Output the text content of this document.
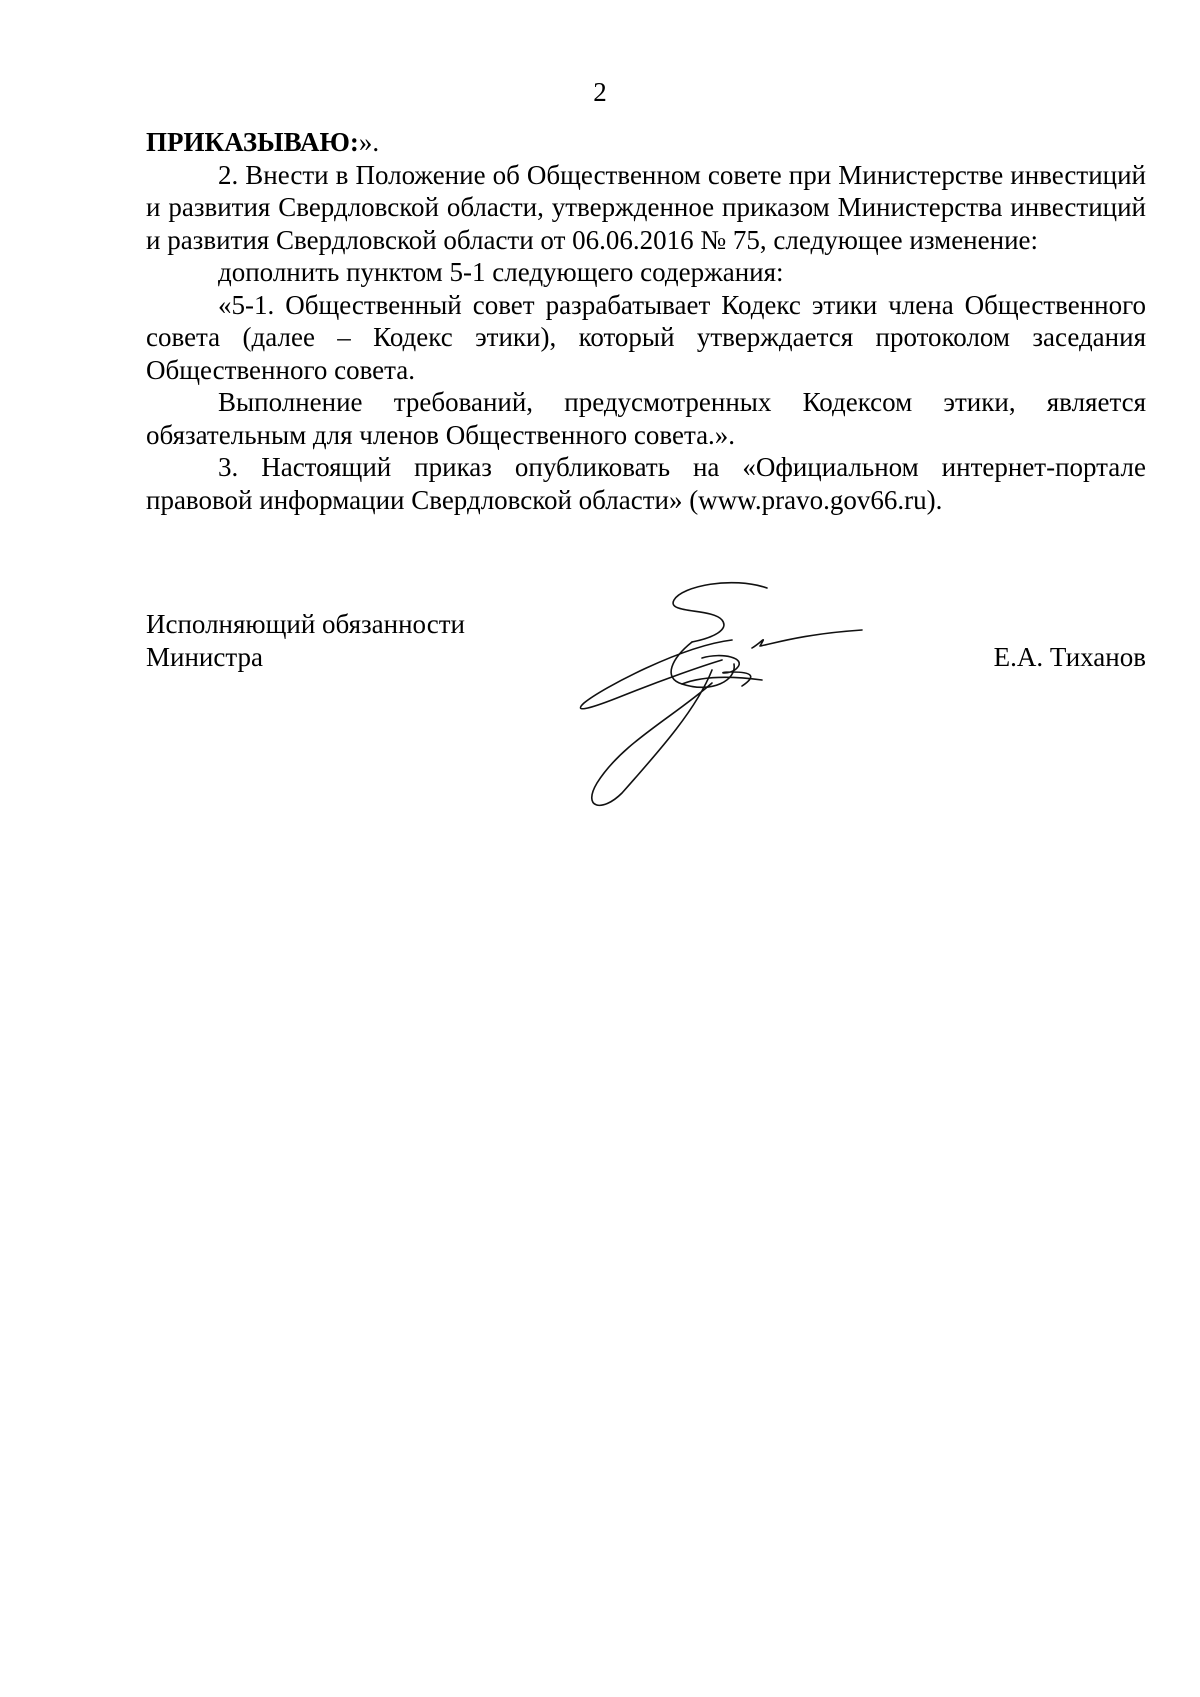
2

ПРИКАЗЫВАЮ:».

2. Внести в Положение об Общественном совете при Министерстве инвестиций и развития Свердловской области, утвержденное приказом Министерства инвестиций и развития Свердловской области от 06.06.2016 № 75, следующее изменение:

дополнить пунктом 5-1 следующего содержания:

«5-1. Общественный совет разрабатывает Кодекс этики члена Общественного совета (далее – Кодекс этики), который утверждается протоколом заседания Общественного совета.

Выполнение требований, предусмотренных Кодексом этики, является обязательным для членов Общественного совета.».

3. Настоящий приказ опубликовать на «Официальном интернет-портале правовой информации Свердловской области» (www.pravo.gov66.ru).

Исполняющий обязанности
Министра	Е.А. Тиханов
